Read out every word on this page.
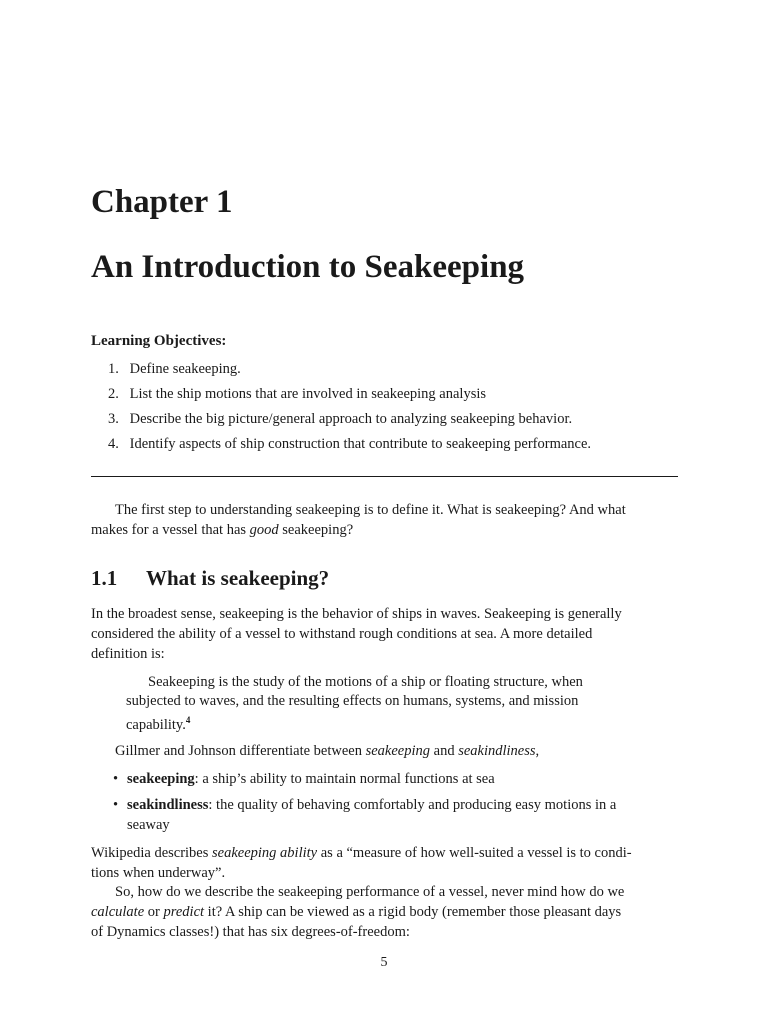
Chapter 1
An Introduction to Seakeeping

Learning Objectives:

1. Define seakeeping.
2. List the ship motions that are involved in seakeeping analysis
3. Describe the big picture/general approach to analyzing seakeeping behavior.
4. Identify aspects of ship construction that contribute to seakeeping performance.

The first step to understanding seakeeping is to define it. What is seakeeping? And what
makes for a vessel that has good seakeeping?

1.1 What is seakeeping?

In the broadest sense, seakeeping is the behavior of ships in waves. Seakeeping is generally
considered the ability of a vessel to withstand rough conditions at sea. A more detailed
definition is:

Seakeeping is the study of the motions of a ship or floating structure, when
subjected to waves, and the resulting effects on humans, systems, and mission
capability.$^4$

Gillmer and Johnson differentiate between seakeeping and seakindliness,

• seakeeping: a ship’s ability to maintain normal functions at sea
• seakindliness: the quality of behaving comfortably and producing easy motions in a
seaway

Wikipedia describes seakeeping ability as a “measure of how well-suited a vessel is to condi-
tions when underway”.

So, how do we describe the seakeeping performance of a vessel, never mind how do we
calculate or predict it? A ship can be viewed as a rigid body (remember those pleasant days
of Dynamics classes!) that has six degrees-of-freedom:

5
